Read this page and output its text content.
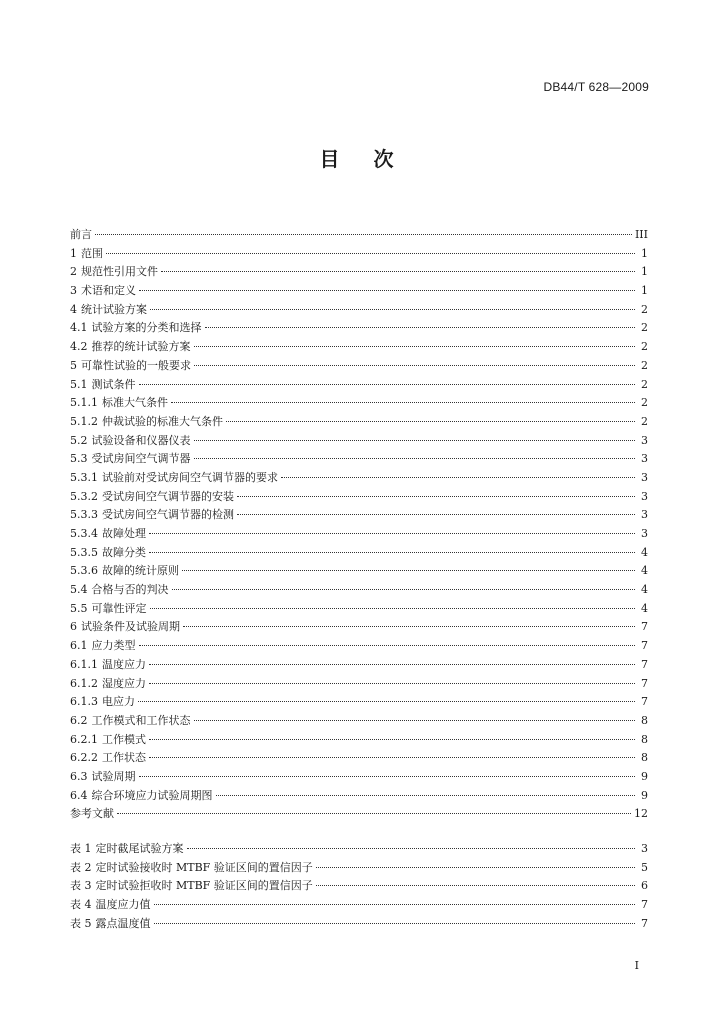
DB44/T 628—2009
目次
前言	III
1 范围	1
2 规范性引用文件	1
3 术语和定义	1
4 统计试验方案	2
4.1 试验方案的分类和选择	2
4.2 推荐的统计试验方案	2
5 可靠性试验的一般要求	2
5.1 测试条件	2
5.1.1 标准大气条件	2
5.1.2 仲裁试验的标准大气条件	2
5.2 试验设备和仪器仪表	3
5.3 受试房间空气调节器	3
5.3.1 试验前对受试房间空气调节器的要求	3
5.3.2 受试房间空气调节器的安装	3
5.3.3 受试房间空气调节器的检测	3
5.3.4 故障处理	3
5.3.5 故障分类	4
5.3.6 故障的统计原则	4
5.4 合格与否的判决	4
5.5 可靠性评定	4
6 试验条件及试验周期	7
6.1 应力类型	7
6.1.1 温度应力	7
6.1.2 湿度应力	7
6.1.3 电应力	7
6.2 工作模式和工作状态	8
6.2.1 工作模式	8
6.2.2 工作状态	8
6.3 试验周期	9
6.4 综合环境应力试验周期图	9
参考文献	12
表 1 定时截尾试验方案	3
表 2 定时试验接收时 MTBF 验证区间的置信因子	5
表 3 定时试验拒收时 MTBF 验证区间的置信因子	6
表 4 温度应力值	7
表 5 露点温度值	7
I
